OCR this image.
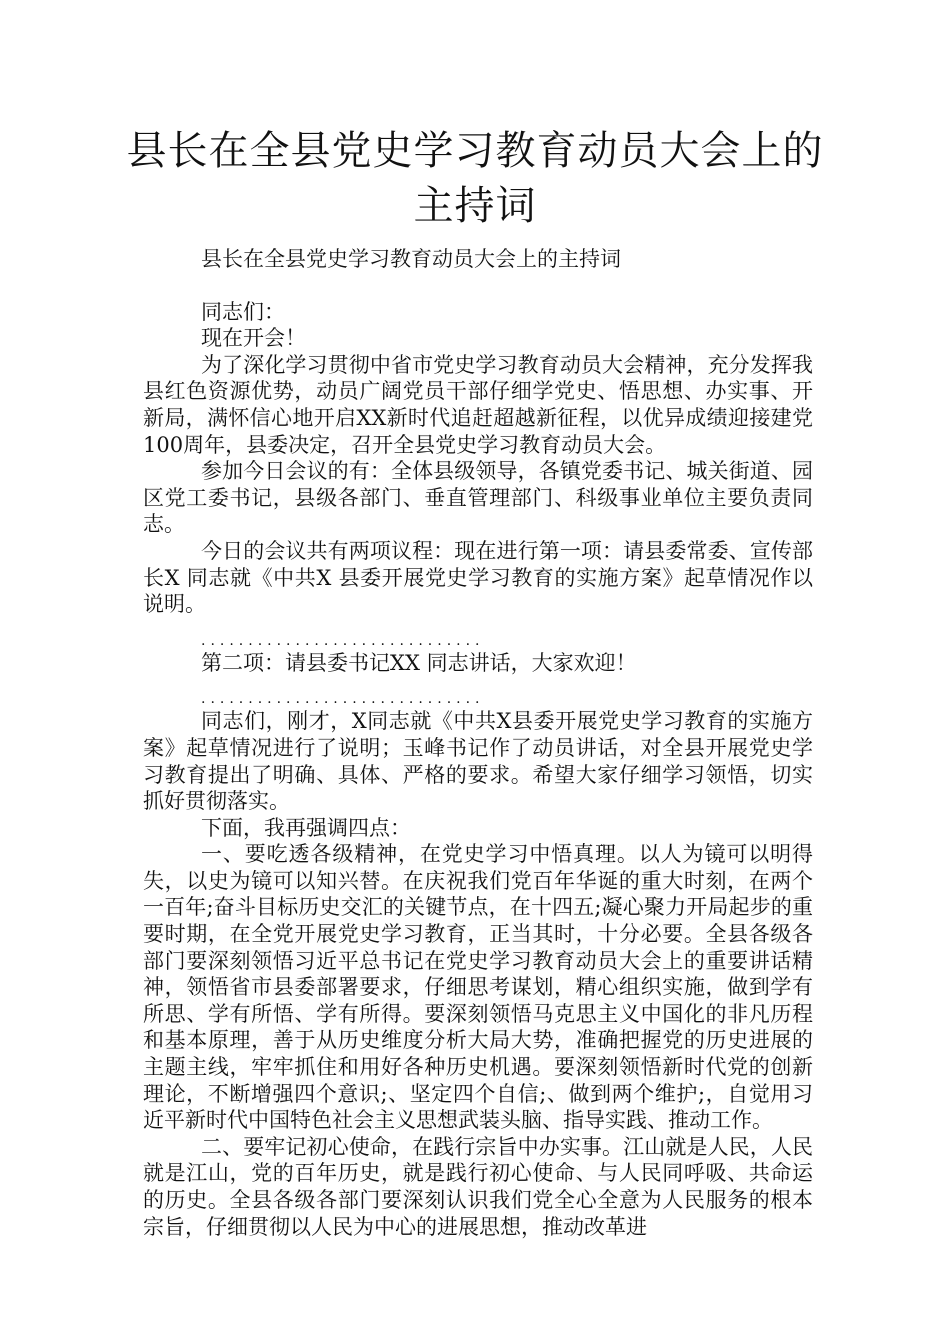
县长在全县党史学习教育动员大会上的主持词

县长在全县党史学习教育动员大会上的主持词

同志们：

现在开会！

为了深化学习贯彻中省市党史学习教育动员大会精神，充分发挥我县红色资源优势，动员广阔党员干部仔细学党史、悟思想、办实事、开新局，满怀信心地开启XX新时代追赶超越新征程，以优异成绩迎接建党100周年，县委决定，召开全县党史学习教育动员大会。

参加今日会议的有：全体县级领导，各镇党委书记、城关街道、园区党工委书记，县级各部门、垂直管理部门、科级事业单位主要负责同志。

今日的会议共有两项议程：现在进行第一项：请县委常委、宣传部长X 同志就《中共X 县委开展党史学习教育的实施方案》起草情况作以说明。

..............................

第二项：请县委书记XX 同志讲话，大家欢迎！

..............................

同志们，刚才，X同志就《中共X县委开展党史学习教育的实施方案》起草情况进行了说明；玉峰书记作了动员讲话，对全县开展党史学习教育提出了明确、具体、严格的要求。希望大家仔细学习领悟，切实抓好贯彻落实。

下面，我再强调四点：

一、要吃透各级精神，在党史学习中悟真理。以人为镜可以明得失，以史为镜可以知兴替。在庆祝我们党百年华诞的重大时刻，在两个一百年;奋斗目标历史交汇的关键节点，在十四五;凝心聚力开局起步的重要时期，在全党开展党史学习教育，正当其时，十分必要。全县各级各部门要深刻领悟习近平总书记在党史学习教育动员大会上的重要讲话精神，领悟省市县委部署要求，仔细思考谋划，精心组织实施，做到学有所思、学有所悟、学有所得。要深刻领悟马克思主义中国化的非凡历程和基本原理，善于从历史维度分析大局大势，准确把握党的历史进展的主题主线，牢牢抓住和用好各种历史机遇。要深刻领悟新时代党的创新理论，不断增强四个意识;、坚定四个自信;、做到两个维护;，自觉用习近平新时代中国特色社会主义思想武装头脑、指导实践、推动工作。

二、要牢记初心使命，在践行宗旨中办实事。江山就是人民，人民就是江山，党的百年历史，就是践行初心使命、与人民同呼吸、共命运的历史。全县各级各部门要深刻认识我们党全心全意为人民服务的根本宗旨，仔细贯彻以人民为中心的进展思想，推动改革进
